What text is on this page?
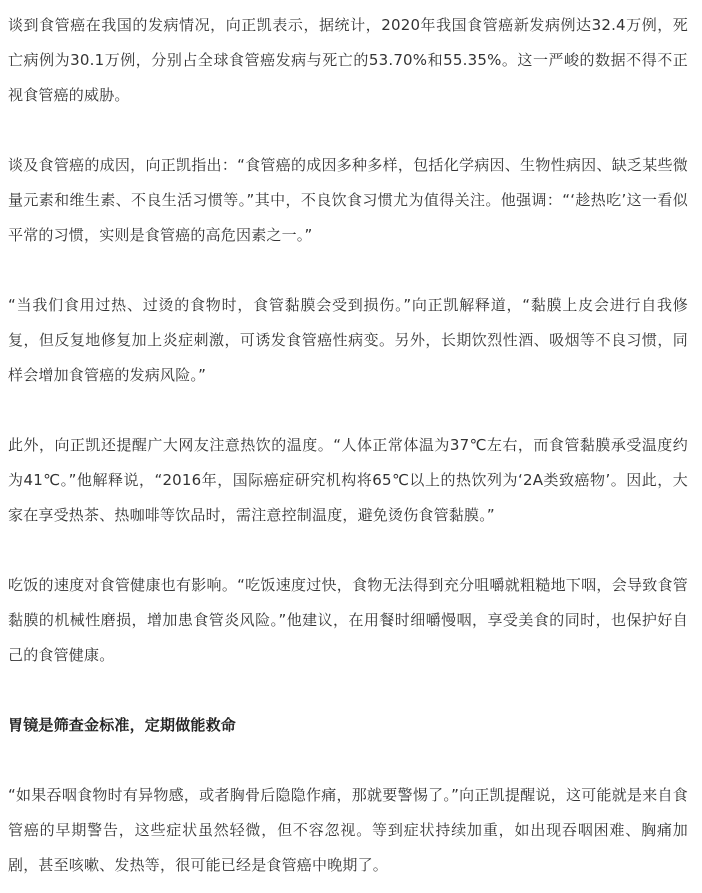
谈到食管癌在我国的发病情况，向正凯表示，据统计，2020年我国食管癌新发病例达32.4万例，死亡病例为30.1万例，分别占全球食管癌发病与死亡的53.70%和55.35%。这一严峻的数据不得不正视食管癌的威胁。

谈及食管癌的成因，向正凯指出：“食管癌的成因多种多样，包括化学病因、生物性病因、缺乏某些微量元素和维生素、不良生活习惯等。”其中，不良饮食习惯尤为值得关注。他强调：“‘趁热吃’这一看似平常的习惯，实则是食管癌的高危因素之一。”

“当我们食用过热、过烫的食物时，食管黏膜会受到损伤。”向正凯解释道，“黏膜上皮会进行自我修复，但反复地修复加上炎症刺激，可诱发食管癌性病变。另外，长期饮烈性酒、吸烟等不良习惯，同样会增加食管癌的发病风险。”

此外，向正凯还提醒广大网友注意热饮的温度。“人体正常体温为37℃左右，而食管黏膜承受温度约为41℃。”他解释说，“2016年，国际癌症研究机构将65℃以上的热饮列为‘2A类致癌物’。因此，大家在享受热茶、热咖啡等饮品时，需注意控制温度，避免烫伤食管黏膜。”

吃饭的速度对食管健康也有影响。“吃饭速度过快，食物无法得到充分咀嚼就粗糙地下咽，会导致食管黏膜的机械性磨损，增加患食管炎风险。”他建议，在用餐时细嚼慢咽，享受美食的同时，也保护好自己的食管健康。

胃镜是筛查金标准，定期做能救命

“如果吞咽食物时有异物感，或者胸骨后隐隐作痛，那就要警惕了。”向正凯提醒说，这可能就是来自食管癌的早期警告，这些症状虽然轻微，但不容忽视。等到症状持续加重，如出现吞咽困难、胸痛加剧，甚至咳嗽、发热等，很可能已经是食管癌中晚期了。
